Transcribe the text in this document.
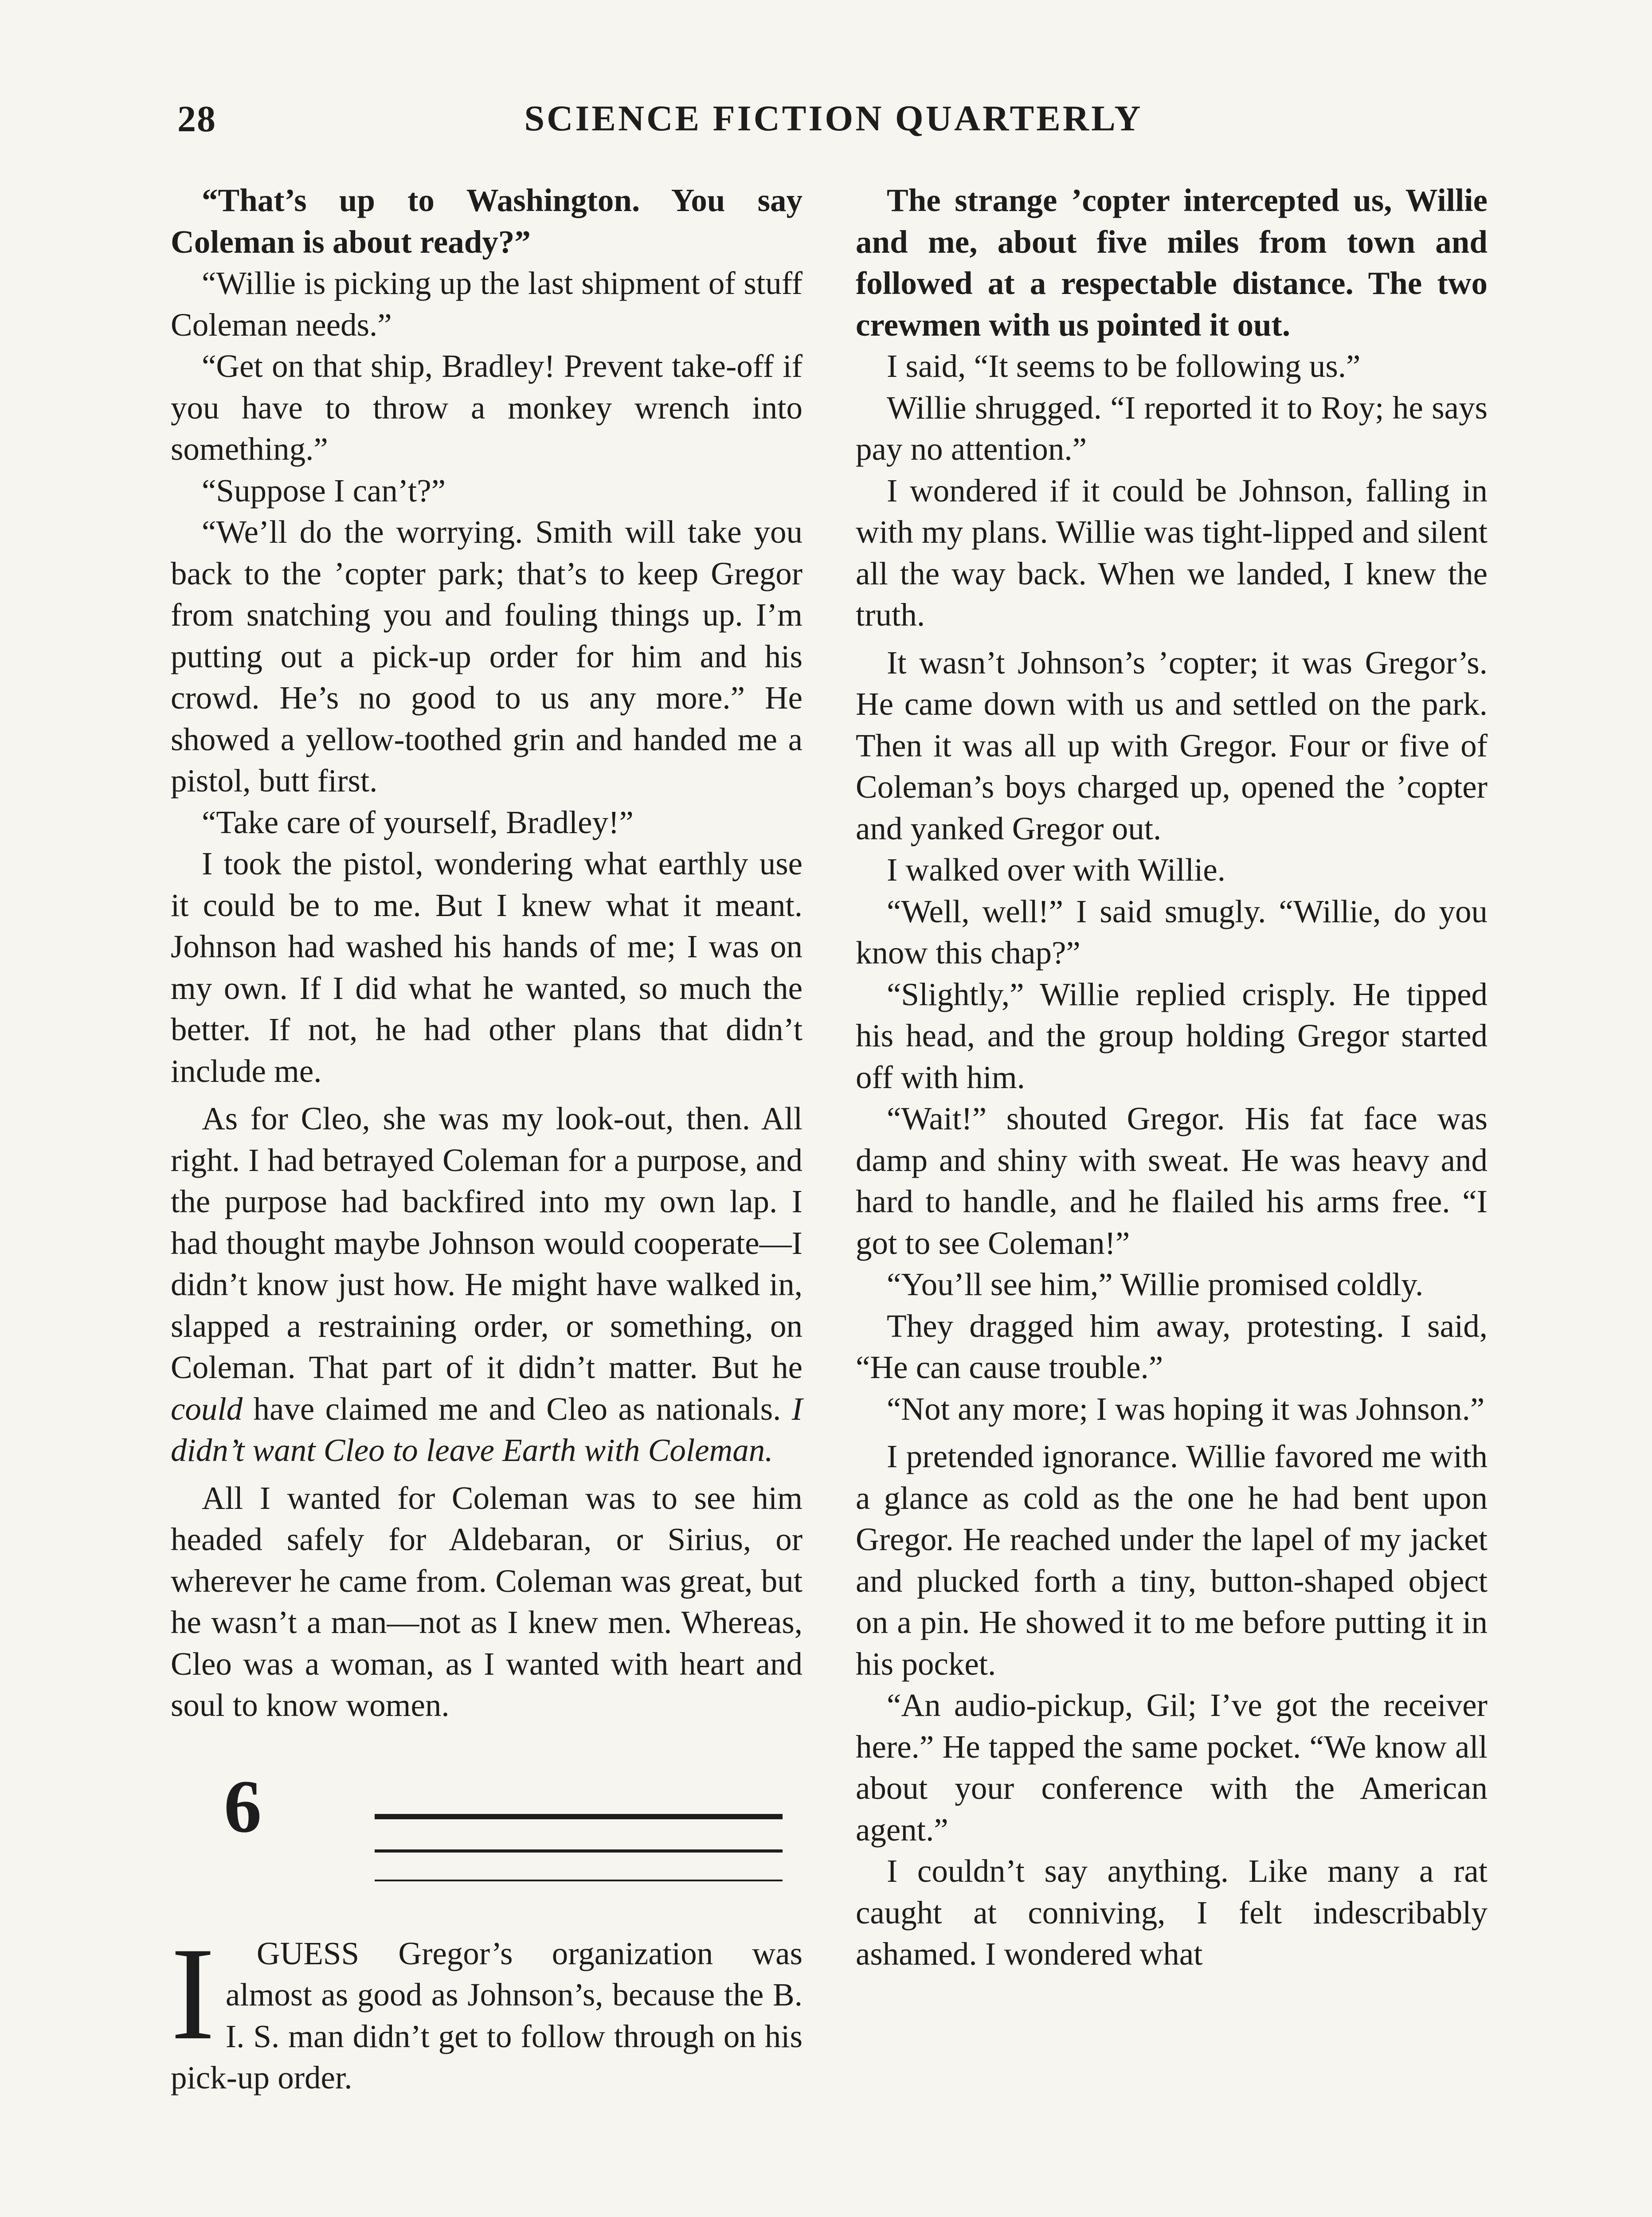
28	SCIENCE FICTION QUARTERLY

“That’s up to Washington. You say Coleman is about ready?”

“Willie is picking up the last shipment of stuff Coleman needs.”

“Get on that ship, Bradley! Prevent take-off if you have to throw a monkey wrench into something.”

“Suppose I can’t?”

“We’ll do the worrying. Smith will take you back to the ’copter park; that’s to keep Gregor from snatching you and fouling things up. I’m putting out a pick-up order for him and his crowd. He’s no good to us any more.” He showed a yellow-toothed grin and handed me a pistol, butt first.

“Take care of yourself, Bradley!”

I took the pistol, wondering what earthly use it could be to me. But I knew what it meant. Johnson had washed his hands of me; I was on my own. If I did what he wanted, so much the better. If not, he had other plans that didn’t include me.

As for Cleo, she was my look-out, then. All right. I had betrayed Coleman for a purpose, and the purpose had backfired into my own lap. I had thought maybe Johnson would cooperate—I didn’t know just how. He might have walked in, slapped a restraining order, or something, on Coleman. That part of it didn’t matter. But he could have claimed me and Cleo as nationals. I didn’t want Cleo to leave Earth with Coleman.

All I wanted for Coleman was to see him headed safely for Aldebaran, or Sirius, or wherever he came from. Coleman was great, but he wasn’t a man—not as I knew men. Whereas, Cleo was a woman, as I wanted with heart and soul to know women.

6
I	GUESS Gregor’s organization was almost as good as Johnson’s, because the B. I. S. man didn’t get to follow through on his pick-up order.

The strange ’copter intercepted us, Willie and me, about five miles from town and followed at a respectable distance. The two crewmen with us pointed it out.

I said, “It seems to be following us.”

Willie shrugged. “I reported it to Roy; he says pay no attention.”

I wondered if it could be Johnson, falling in with my plans. Willie was tight-lipped and silent all the way back. When we landed, I knew the truth.

It wasn’t Johnson’s ’copter; it was Gregor’s. He came down with us and settled on the park. Then it was all up with Gregor. Four or five of Coleman’s boys charged up, opened the ’copter and yanked Gregor out.

I walked over with Willie.

“Well, well!” I said smugly. “Willie, do you know this chap?”

“Slightly,” Willie replied crisply. He tipped his head, and the group holding Gregor started off with him.

“Wait!” shouted Gregor. His fat face was damp and shiny with sweat. He was heavy and hard to handle, and he flailed his arms free. “I got to see Coleman!”

“You’ll see him,” Willie promised coldly.

They dragged him away, protesting. I said, “He can cause trouble.”

“Not any more; I was hoping it was Johnson.”

I pretended ignorance. Willie favored me with a glance as cold as the one he had bent upon Gregor. He reached under the lapel of my jacket and plucked forth a tiny, button-shaped object on a pin. He showed it to me before putting it in his pocket.

“An audio-pickup, Gil; I’ve got the receiver here.” He tapped the same pocket. “We know all about your conference with the American agent.”

I couldn’t say anything. Like many a rat caught at conniving, I felt indescribably ashamed. I wondered what
